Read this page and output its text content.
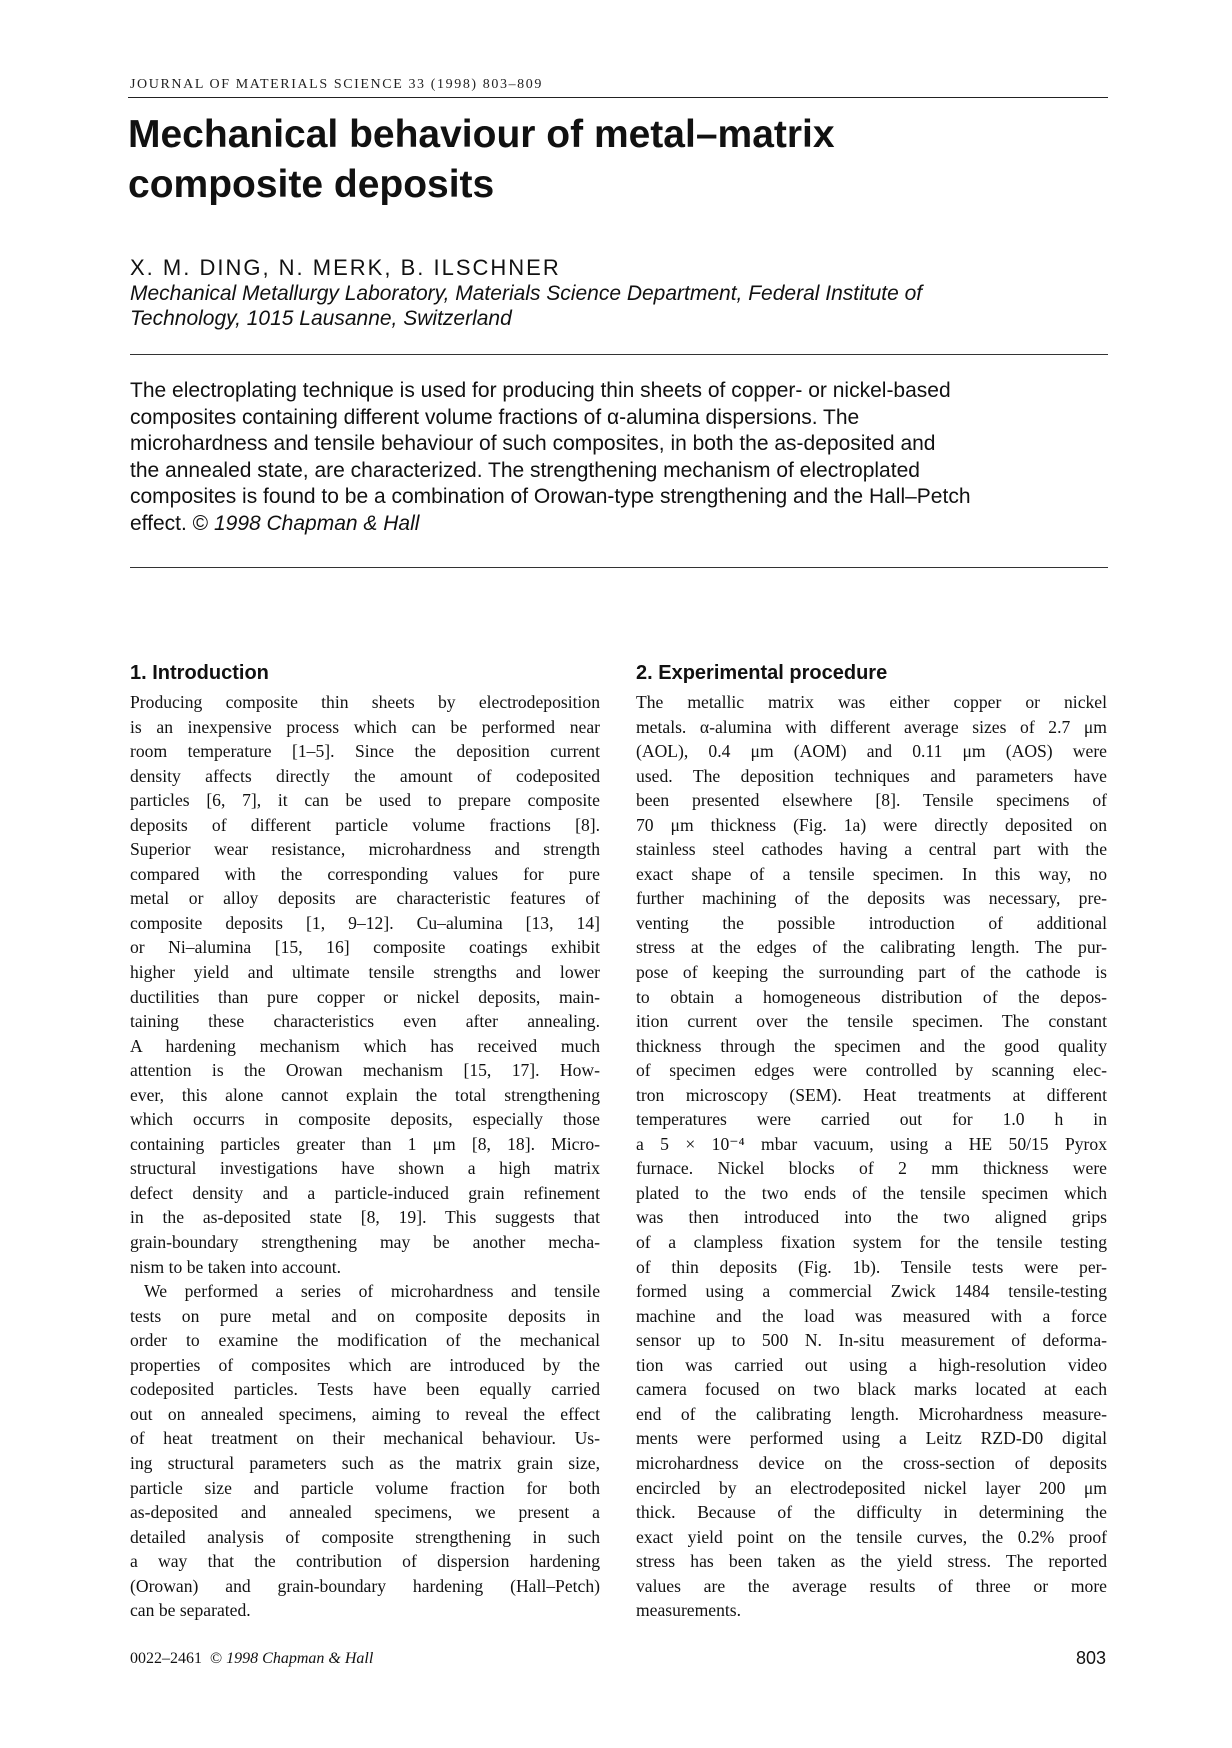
JOURNAL OF MATERIALS SCIENCE 33 (1998) 803–809
Mechanical behaviour of metal–matrix
composite deposits
X. M. DING, N. MERK, B. ILSCHNER
Mechanical Metallurgy Laboratory, Materials Science Department, Federal Institute of
Technology, 1015 Lausanne, Switzerland
The electroplating technique is used for producing thin sheets of copper- or nickel-based
composites containing different volume fractions of α-alumina dispersions. The
microhardness and tensile behaviour of such composites, in both the as-deposited and
the annealed state, are characterized. The strengthening mechanism of electroplated
composites is found to be a combination of Orowan-type strengthening and the Hall–Petch
effect. © 1998 Chapman & Hall
1. Introduction
Producing composite thin sheets by electrodeposition
is an inexpensive process which can be performed near
room temperature [1–5]. Since the deposition current
density affects directly the amount of codeposited
particles [6, 7], it can be used to prepare composite
deposits of different particle volume fractions [8].
Superior wear resistance, microhardness and strength
compared with the corresponding values for pure
metal or alloy deposits are characteristic features of
composite deposits [1, 9–12]. Cu–alumina [13, 14]
or Ni–alumina [15, 16] composite coatings exhibit
higher yield and ultimate tensile strengths and lower
ductilities than pure copper or nickel deposits, main-
taining these characteristics even after annealing.
A hardening mechanism which has received much
attention is the Orowan mechanism [15, 17]. How-
ever, this alone cannot explain the total strengthening
which occurrs in composite deposits, especially those
containing particles greater than 1 μm [8, 18]. Micro-
structural investigations have shown a high matrix
defect density and a particle-induced grain refinement
in the as-deposited state [8, 19]. This suggests that
grain-boundary strengthening may be another mecha-
nism to be taken into account.
We performed a series of microhardness and tensile
tests on pure metal and on composite deposits in
order to examine the modification of the mechanical
properties of composites which are introduced by the
codeposited particles. Tests have been equally carried
out on annealed specimens, aiming to reveal the effect
of heat treatment on their mechanical behaviour. Us-
ing structural parameters such as the matrix grain size,
particle size and particle volume fraction for both
as-deposited and annealed specimens, we present a
detailed analysis of composite strengthening in such
a way that the contribution of dispersion hardening
(Orowan) and grain-boundary hardening (Hall–Petch)
can be separated.
2. Experimental procedure
The metallic matrix was either copper or nickel
metals. α-alumina with different average sizes of 2.7 μm
(AOL), 0.4 μm (AOM) and 0.11 μm (AOS) were
used. The deposition techniques and parameters have
been presented elsewhere [8]. Tensile specimens of
70 μm thickness (Fig. 1a) were directly deposited on
stainless steel cathodes having a central part with the
exact shape of a tensile specimen. In this way, no
further machining of the deposits was necessary, pre-
venting the possible introduction of additional
stress at the edges of the calibrating length. The pur-
pose of keeping the surrounding part of the cathode is
to obtain a homogeneous distribution of the depos-
ition current over the tensile specimen. The constant
thickness through the specimen and the good quality
of specimen edges were controlled by scanning elec-
tron microscopy (SEM). Heat treatments at different
temperatures were carried out for 1.0 h in
a 5 × 10⁻⁴ mbar vacuum, using a HE 50/15 Pyrox
furnace. Nickel blocks of 2 mm thickness were
plated to the two ends of the tensile specimen which
was then introduced into the two aligned grips
of a clampless fixation system for the tensile testing
of thin deposits (Fig. 1b). Tensile tests were per-
formed using a commercial Zwick 1484 tensile-testing
machine and the load was measured with a force
sensor up to 500 N. In-situ measurement of deforma-
tion was carried out using a high-resolution video
camera focused on two black marks located at each
end of the calibrating length. Microhardness measure-
ments were performed using a Leitz RZD-D0 digital
microhardness device on the cross-section of deposits
encircled by an electrodeposited nickel layer 200 μm
thick. Because of the difficulty in determining the
exact yield point on the tensile curves, the 0.2% proof
stress has been taken as the yield stress. The reported
values are the average results of three or more
measurements.
0022–2461 © 1998 Chapman & Hall	803
